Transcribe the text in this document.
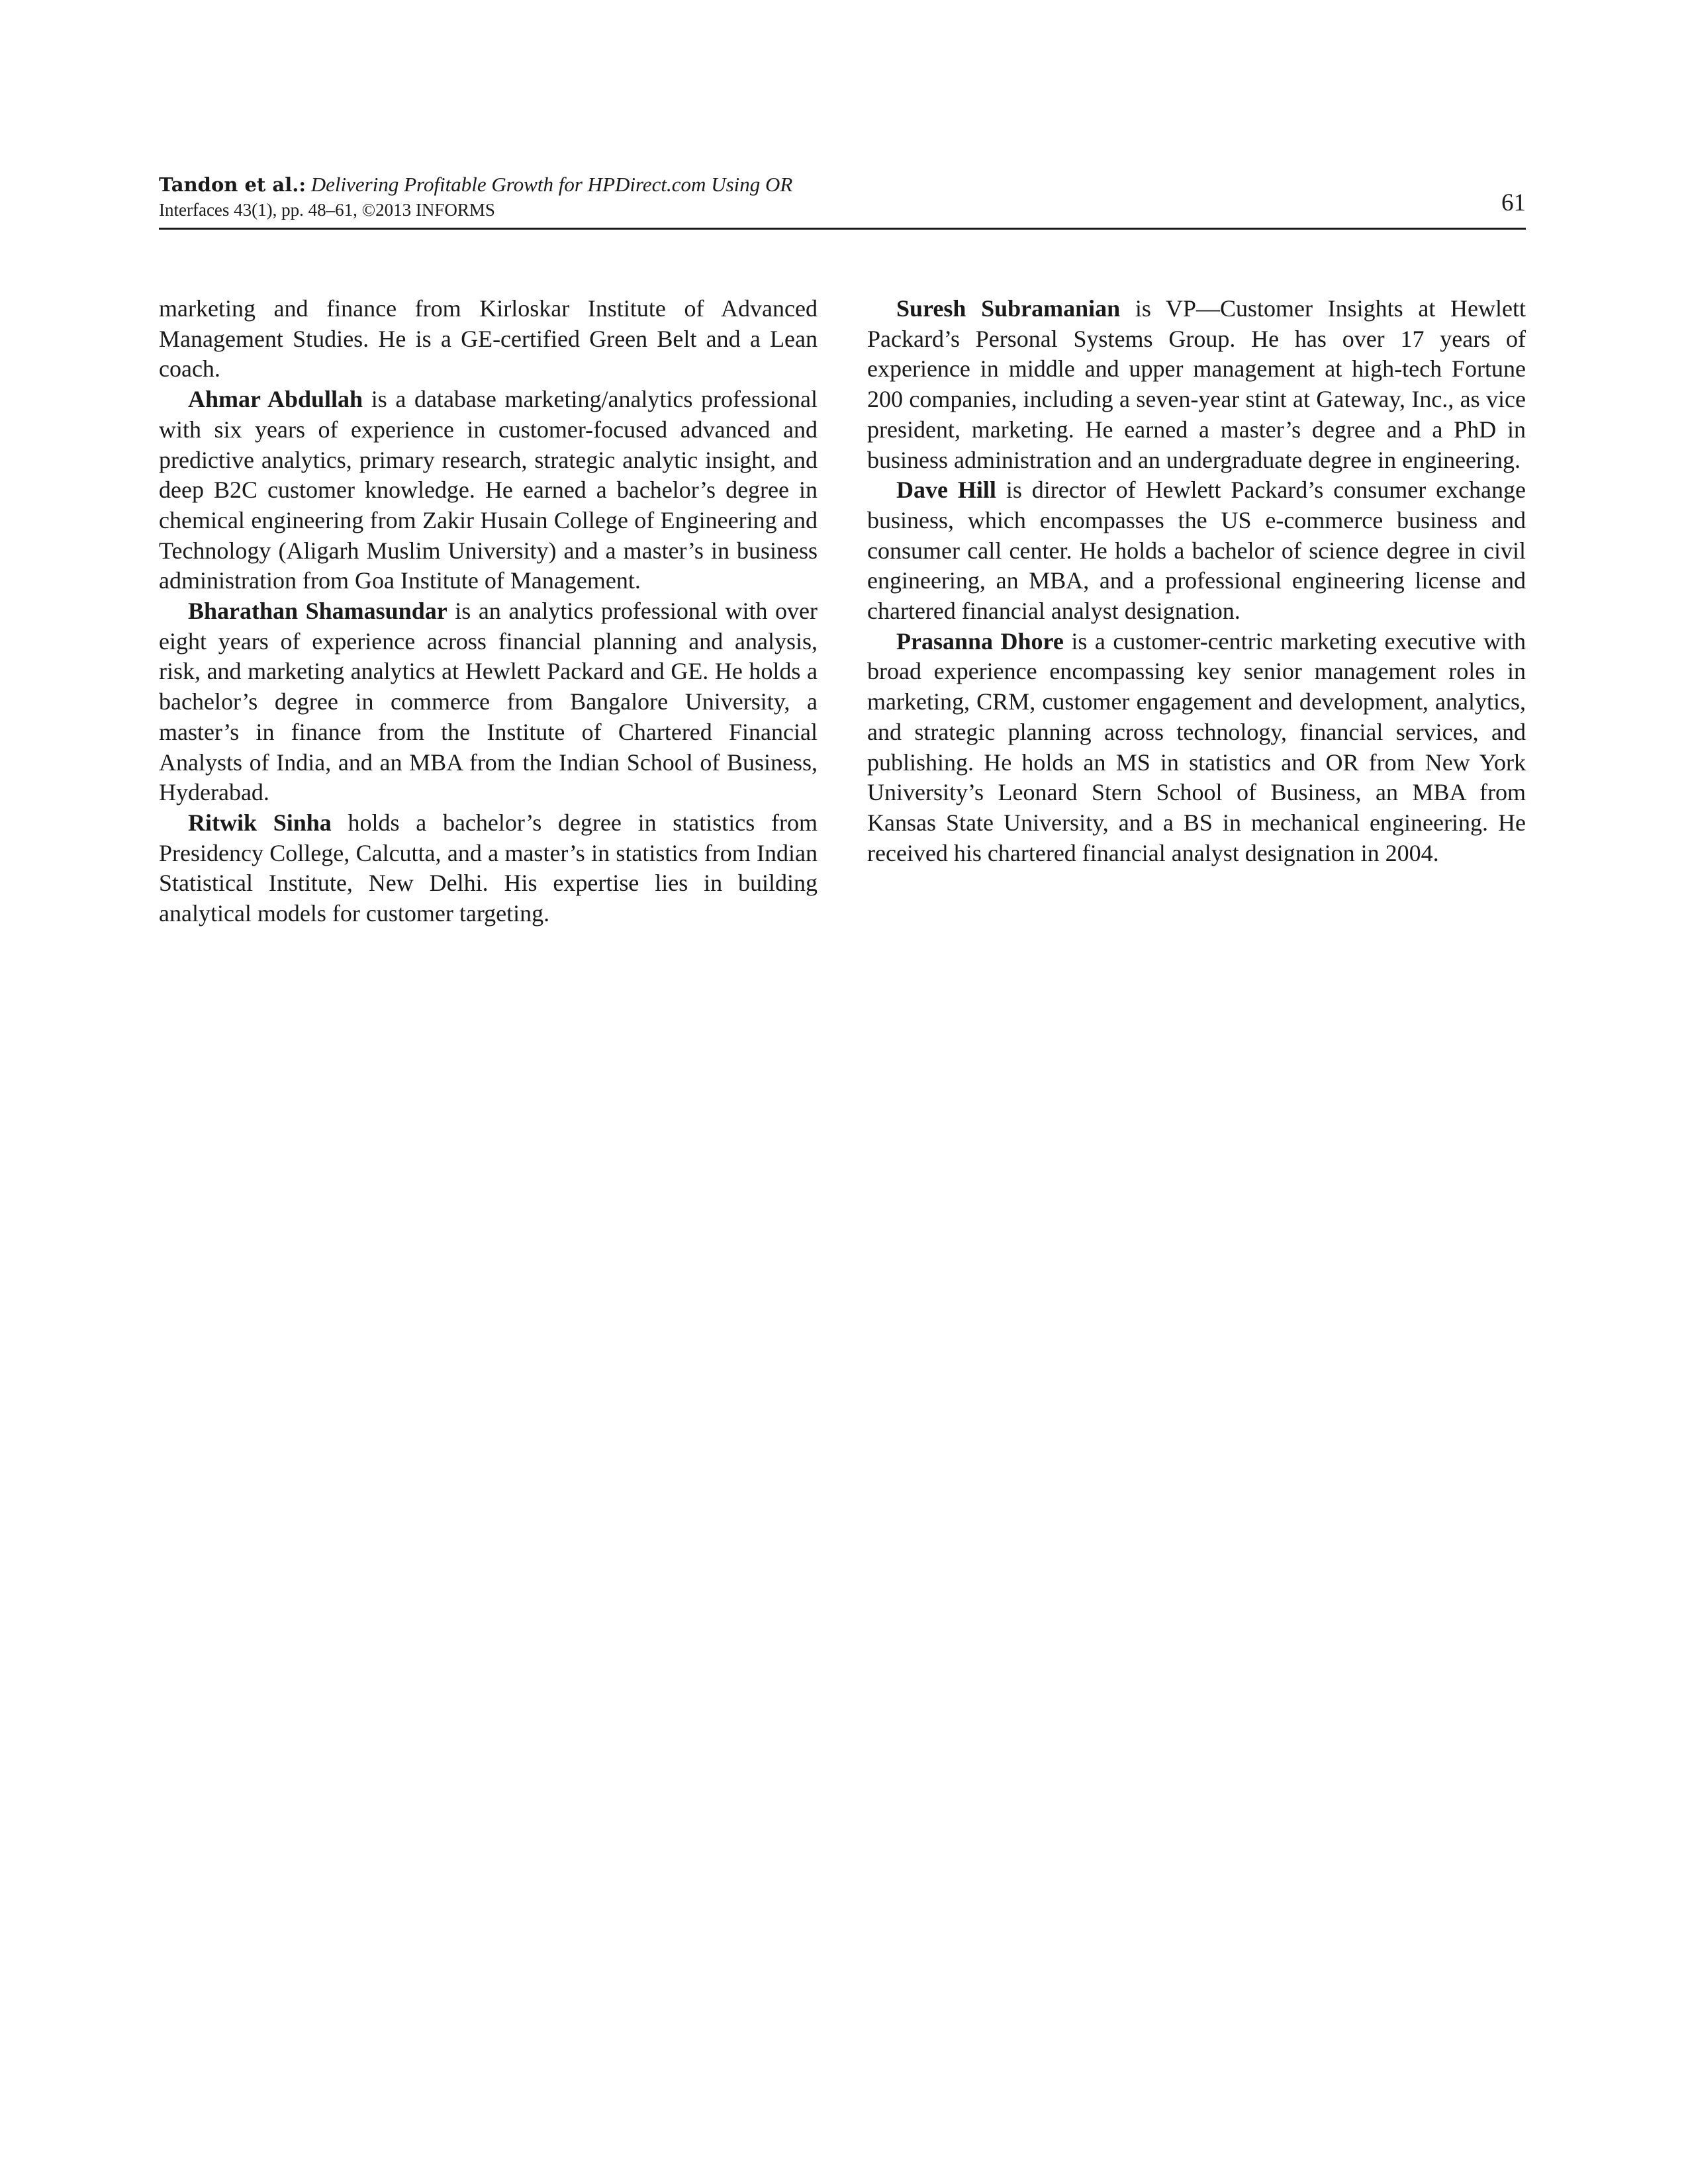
Tandon et al.: Delivering Profitable Growth for HPDirect.com Using OR
Interfaces 43(1), pp. 48–61, ©2013 INFORMS	61

marketing and finance from Kirloskar Institute of Advanced Management Studies. He is a GE-certified Green Belt and a Lean coach.

Ahmar Abdullah is a database marketing/analytics professional with six years of experience in customer-focused advanced and predictive analytics, primary research, strategic analytic insight, and deep B2C customer knowledge. He earned a bachelor’s degree in chemical engineering from Zakir Husain College of Engineering and Technology (Aligarh Muslim University) and a master’s in business administration from Goa Institute of Management.

Bharathan Shamasundar is an analytics professional with over eight years of experience across financial planning and analysis, risk, and marketing analytics at Hewlett Packard and GE. He holds a bachelor’s degree in commerce from Bangalore University, a master’s in finance from the Institute of Chartered Financial Analysts of India, and an MBA from the Indian School of Business, Hyderabad.

Ritwik Sinha holds a bachelor’s degree in statistics from Presidency College, Calcutta, and a master’s in statistics from Indian Statistical Institute, New Delhi. His expertise lies in building analytical models for customer targeting.

Suresh Subramanian is VP—Customer Insights at Hewlett Packard’s Personal Systems Group. He has over 17 years of experience in middle and upper management at high-tech Fortune 200 companies, including a seven-year stint at Gateway, Inc., as vice president, marketing. He earned a master’s degree and a PhD in business administration and an undergraduate degree in engineering.

Dave Hill is director of Hewlett Packard’s consumer exchange business, which encompasses the US e-commerce business and consumer call center. He holds a bachelor of science degree in civil engineering, an MBA, and a professional engineering license and chartered financial analyst designation.

Prasanna Dhore is a customer-centric marketing executive with broad experience encompassing key senior management roles in marketing, CRM, customer engagement and development, analytics, and strategic planning across technology, financial services, and publishing. He holds an MS in statistics and OR from New York University’s Leonard Stern School of Business, an MBA from Kansas State University, and a BS in mechanical engineering. He received his chartered financial analyst designation in 2004.
